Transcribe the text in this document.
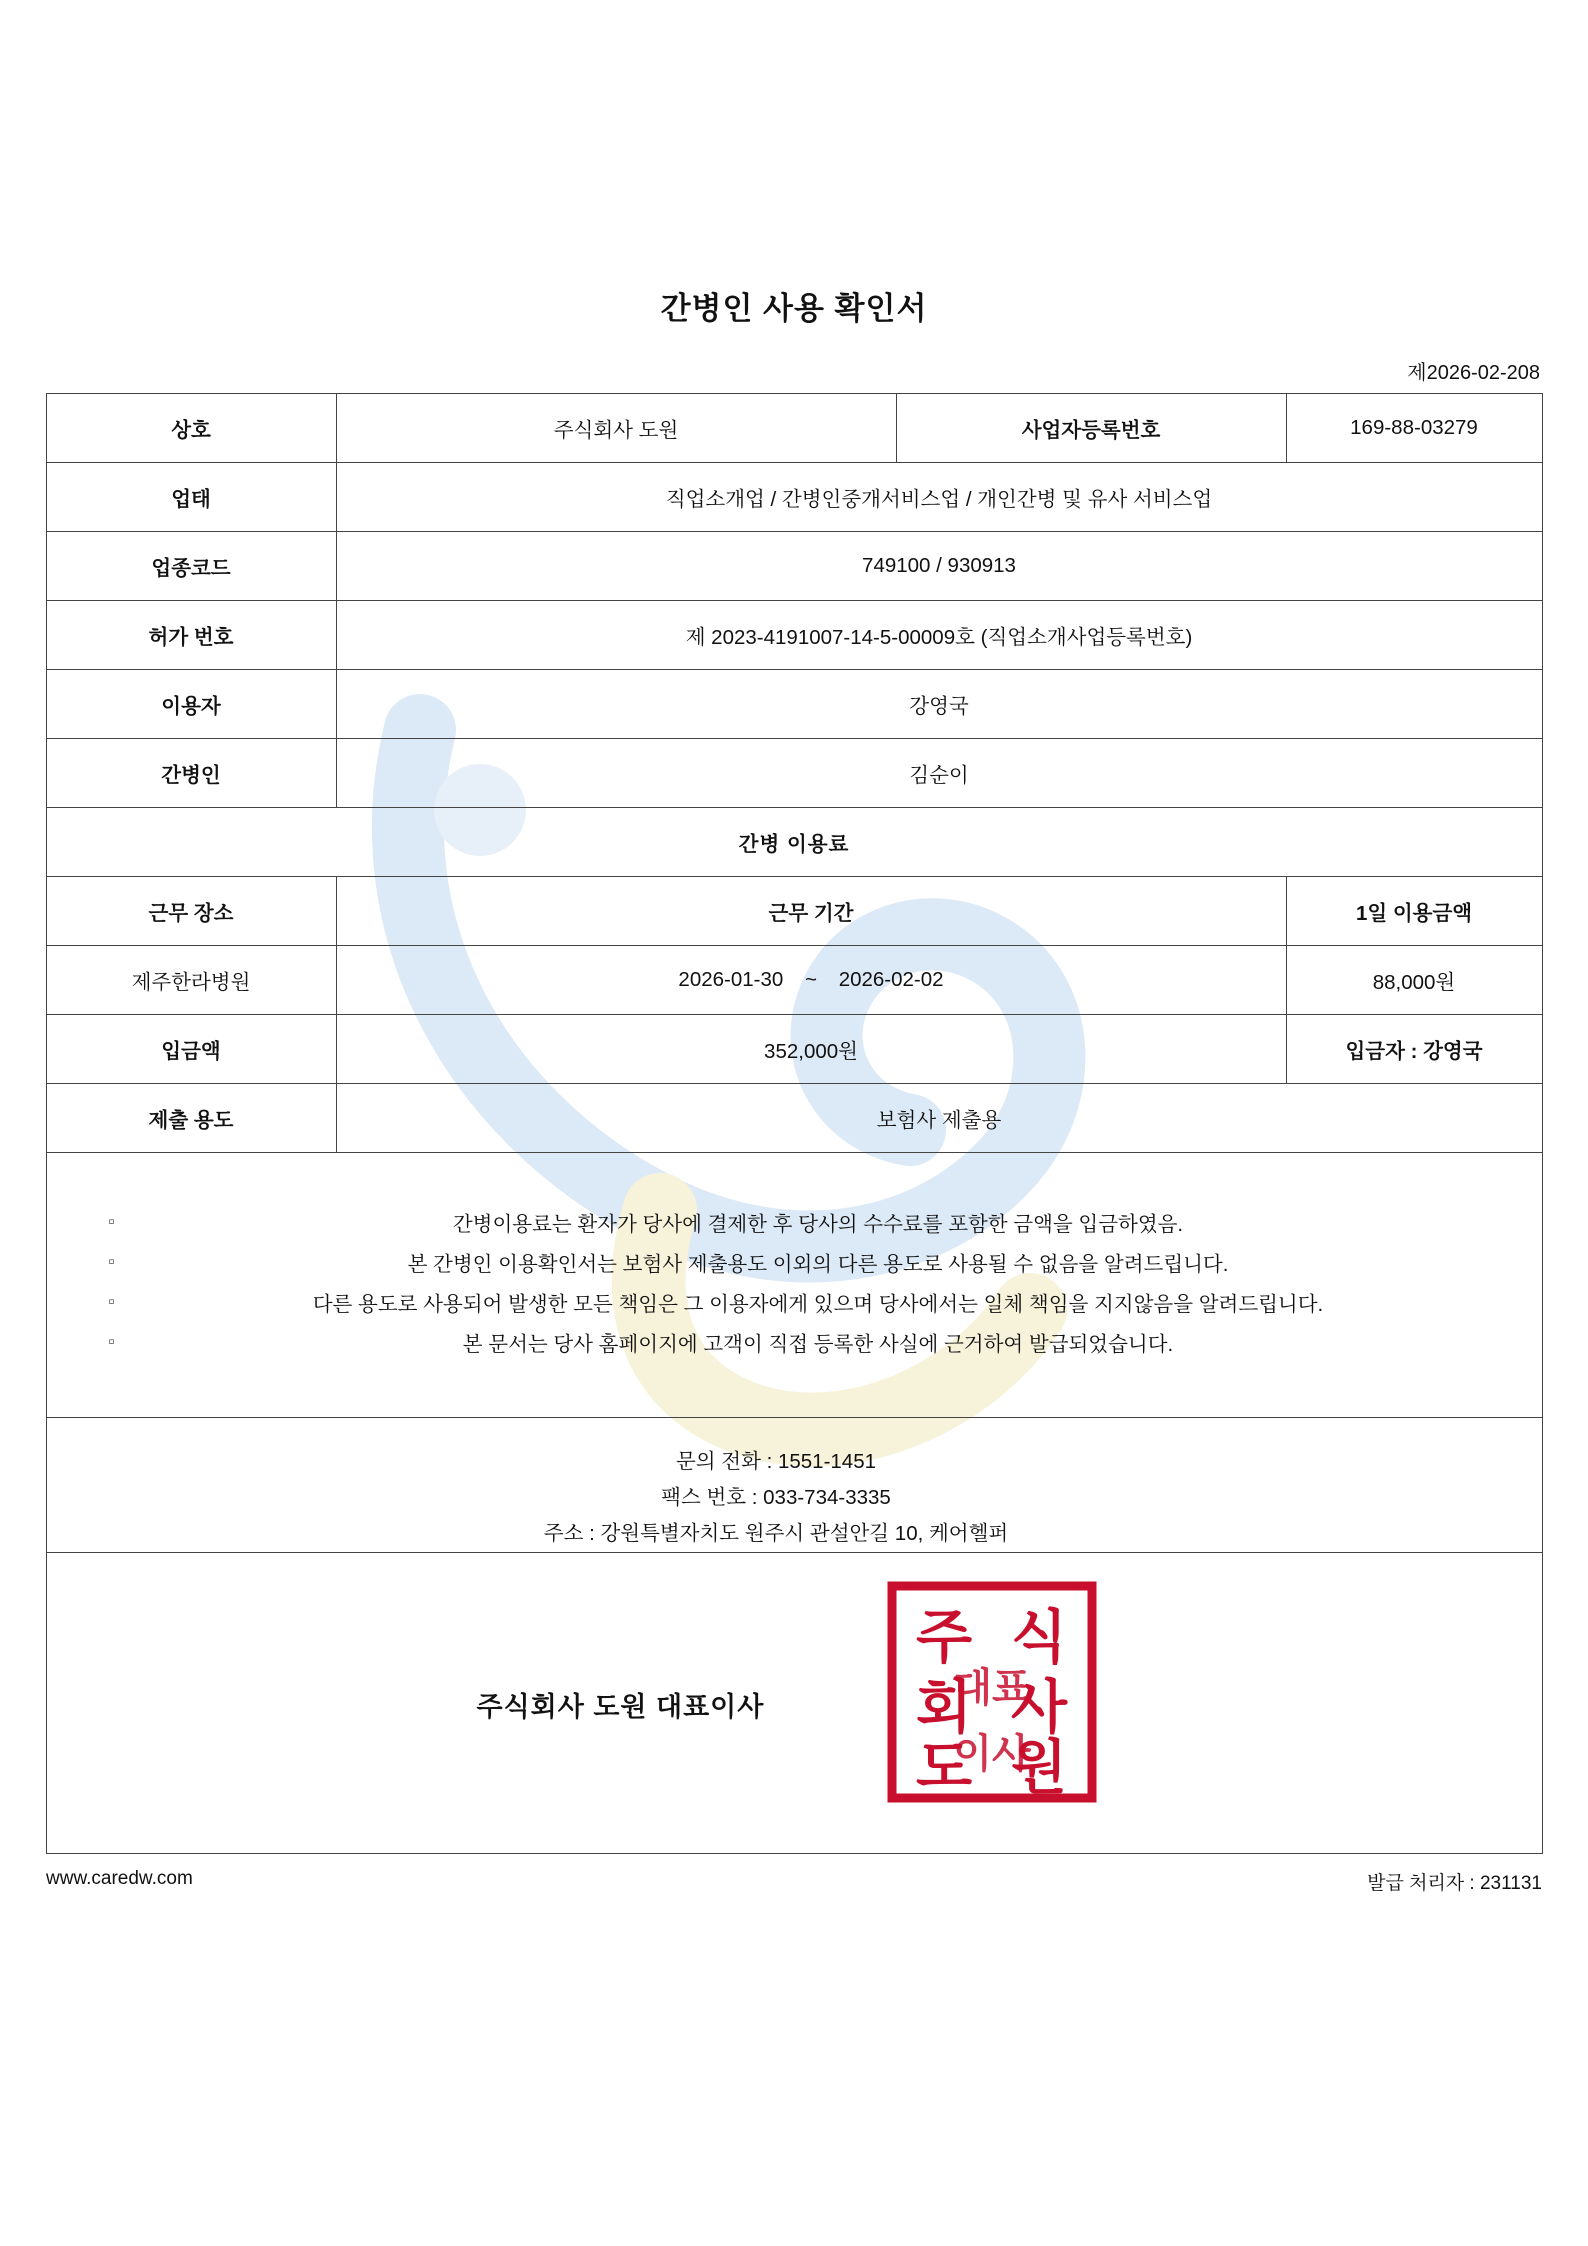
간병인 사용 확인서
제2026-02-208
상호	주식회사 도원	사업자등록번호	169-88-03279
업태	직업소개업 / 간병인중개서비스업 / 개인간병 및 유사 서비스업		
업종코드	749100 / 930913		
허가 번호	제 2023-4191007-14-5-00009호 (직업소개사업등록번호)		
이용자	강영국		
간병인	김순이		
간병 이용료			
근무 장소	근무 기간		1일 이용금액
제주한라병원	2026-01-30 ~ 2026-02-02		88,000원
입금액	352,000원		입금자 : 강영국
제출 용도	보험사 제출용		

▫ 간병이용료는 환자가 당사에 결제한 후 당사의 수수료를 포함한 금액을 입금하였음.
▫ 본 간병인 이용확인서는 보험사 제출용도 이외의 다른 용도로 사용될 수 없음을 알려드립니다.
▫ 다른 용도로 사용되어 발생한 모든 책임은 그 이용자에게 있으며 당사에서는 일체 책임을 지지않음을 알려드립니다.
▫ 본 문서는 당사 홈페이지에 고객이 직접 등록한 사실에 근거하여 발급되었습니다.

문의 전화 : 1551-1451
팩스 번호 : 033-734-3335
주소 : 강원특별자치도 원주시 관설안길 10, 케어헬퍼			

주식회사 도원 대표이사
주 식
회 사
도 원
대표
이사
www.caredw.com	발급 처리자 : 231131
